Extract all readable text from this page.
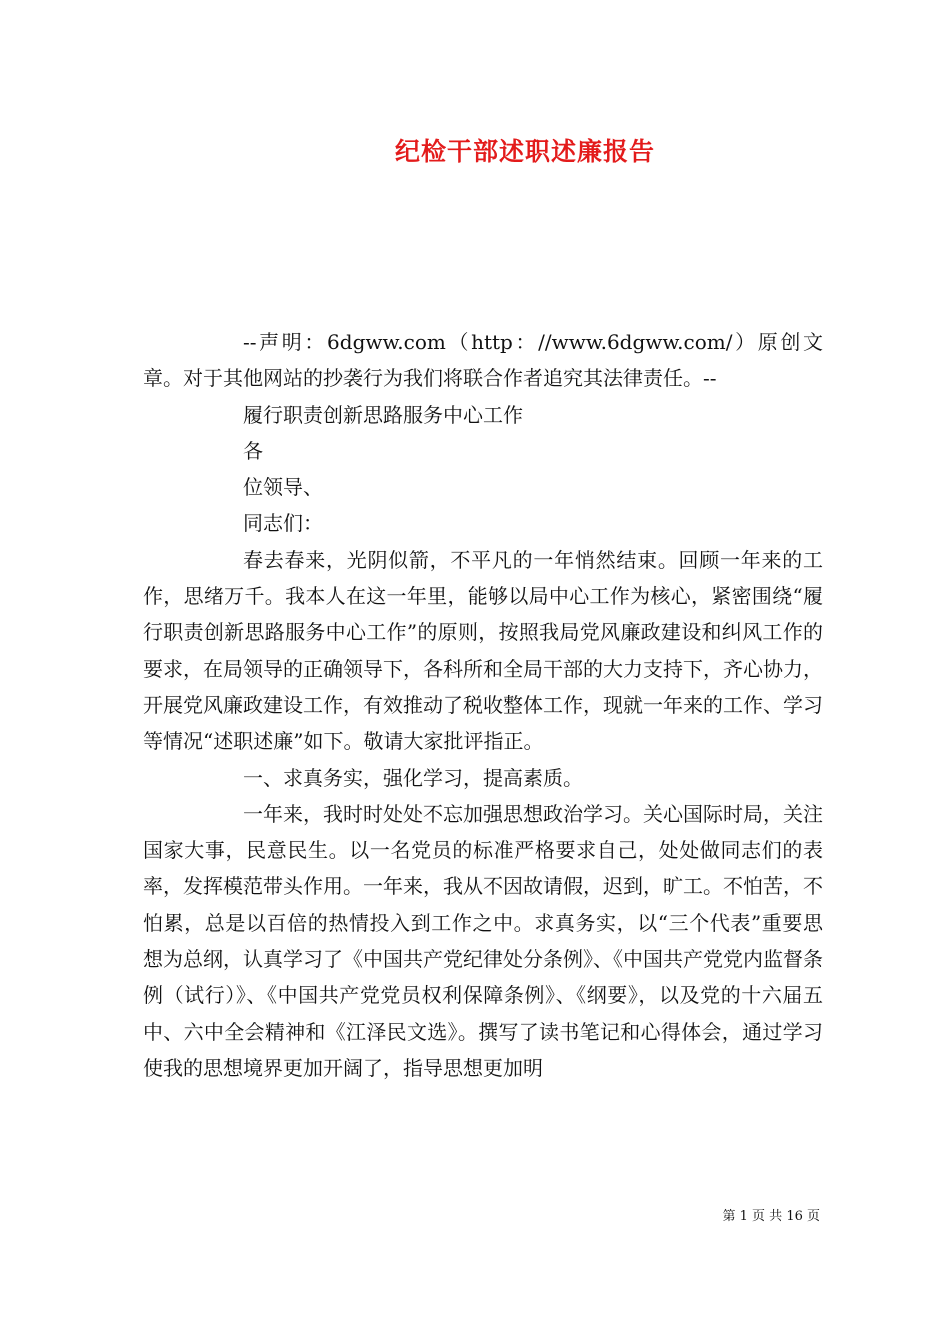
纪检干部述职述廉报告

--声明：6dgww.com（http：//www.6dgww.com/）原创文章。对于其他网站的抄袭行为我们将联合作者追究其法律责任。--

履行职责创新思路服务中心工作

各

位领导、

同志们：

春去春来，光阴似箭，不平凡的一年悄然结束。回顾一年来的工作，思绪万千。我本人在这一年里，能够以局中心工作为核心，紧密围绕“履行职责创新思路服务中心工作”的原则，按照我局党风廉政建设和纠风工作的要求，在局领导的正确领导下，各科所和全局干部的大力支持下，齐心协力，开展党风廉政建设工作，有效推动了税收整体工作，现就一年来的工作、学习等情况“述职述廉”如下。敬请大家批评指正。

一、求真务实，强化学习，提高素质。

一年来，我时时处处不忘加强思想政治学习。关心国际时局，关注国家大事，民意民生。以一名党员的标准严格要求自己，处处做同志们的表率，发挥模范带头作用。一年来，我从不因故请假，迟到，旷工。不怕苦，不怕累，总是以百倍的热情投入到工作之中。求真务实，以“三个代表”重要思想为总纲，认真学习了《中国共产党纪律处分条例》、《中国共产党党内监督条例（试行）》、《中国共产党党员权利保障条例》、《纲要》，以及党的十六届五中、六中全会精神和《江泽民文选》。撰写了读书笔记和心得体会，通过学习使我的思想境界更加开阔了，指导思想更加明

第 1 页 共 16 页
